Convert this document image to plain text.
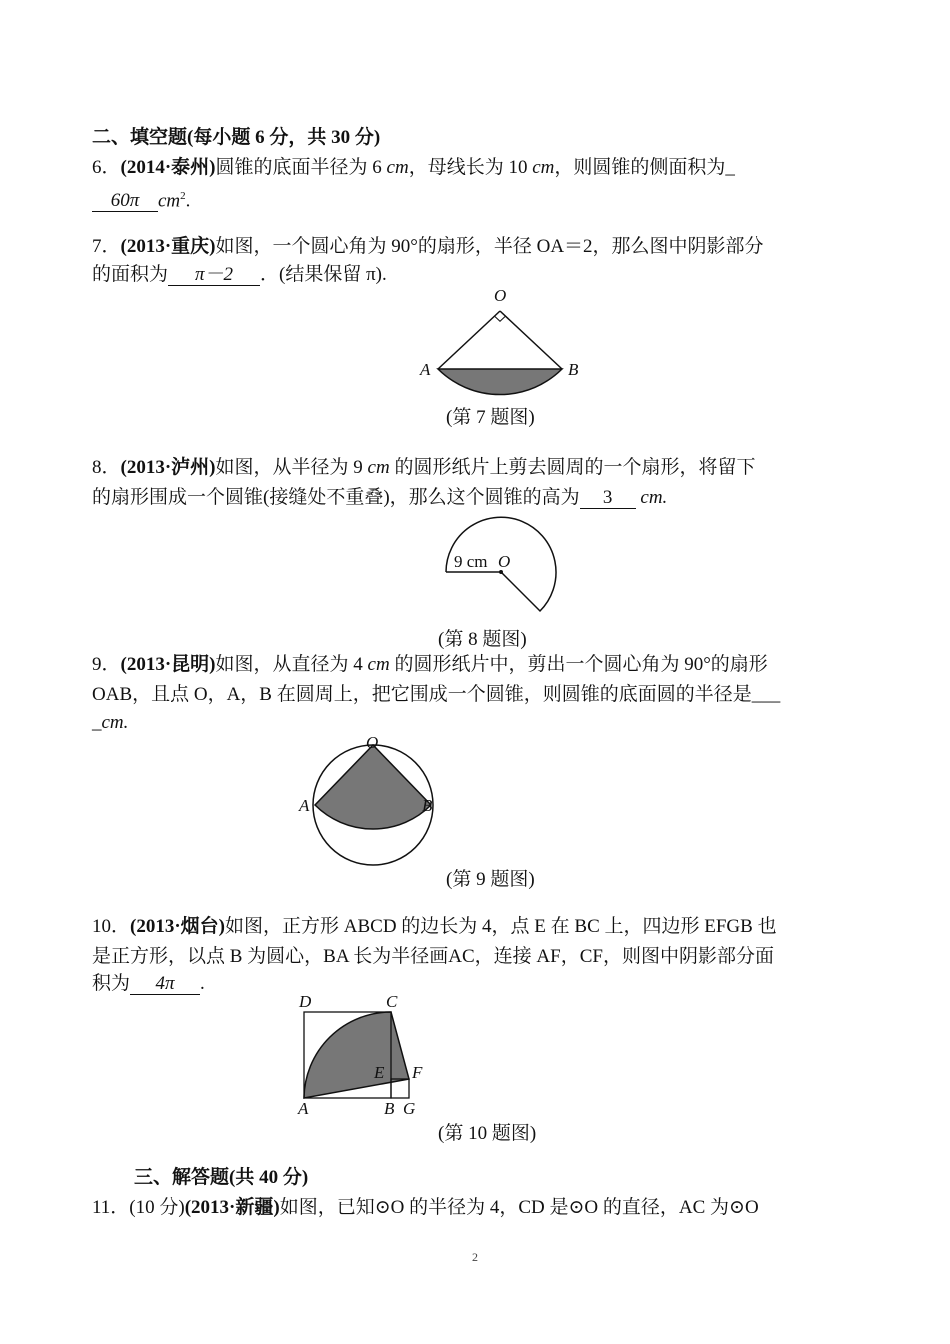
二、填空题(每小题 6 分，共 30 分)
6．(2014·泰州)圆锥的底面半径为 6 cm，母线长为 10 cm，则圆锥的侧面积为_
60π $cm^2$.
7．(2013·重庆)如图，一个圆心角为 90°的扇形，半径 OA＝2，那么图中阴影部分
的面积为 π－2 ．(结果保留 π).
O
A	B
(第 7 题图)
8．(2013·泸州)如图，从半径为 9 cm 的圆形纸片上剪去圆周的一个扇形，将留下
的扇形围成一个圆锥(接缝处不重叠)，那么这个圆锥的高为 3 cm.
9 cm O
(第 8 题图)
9．(2013·昆明)如图，从直径为 4 cm 的圆形纸片中，剪出一个圆心角为 90°的扇形
OAB，且点 O，A，B 在圆周上，把它围成一个圆锥，则圆锥的底面圆的半径是___
_cm.
O
A	B
(第 9 题图)
10．(2013·烟台)如图，正方形 ABCD 的边长为 4，点 E 在 BC 上，四边形 EFGB 也
是正方形，以点 B 为圆心，BA 长为半径画AC，连接 AF，CF，则图中阴影部分面
积为 4π .
D	C
E F
A	B G
(第 10 题图)
三、解答题(共 40 分)
11．(10 分)(2013·新疆)如图，已知⊙O 的半径为 4，CD 是⊙O 的直径，AC 为⊙O
2
